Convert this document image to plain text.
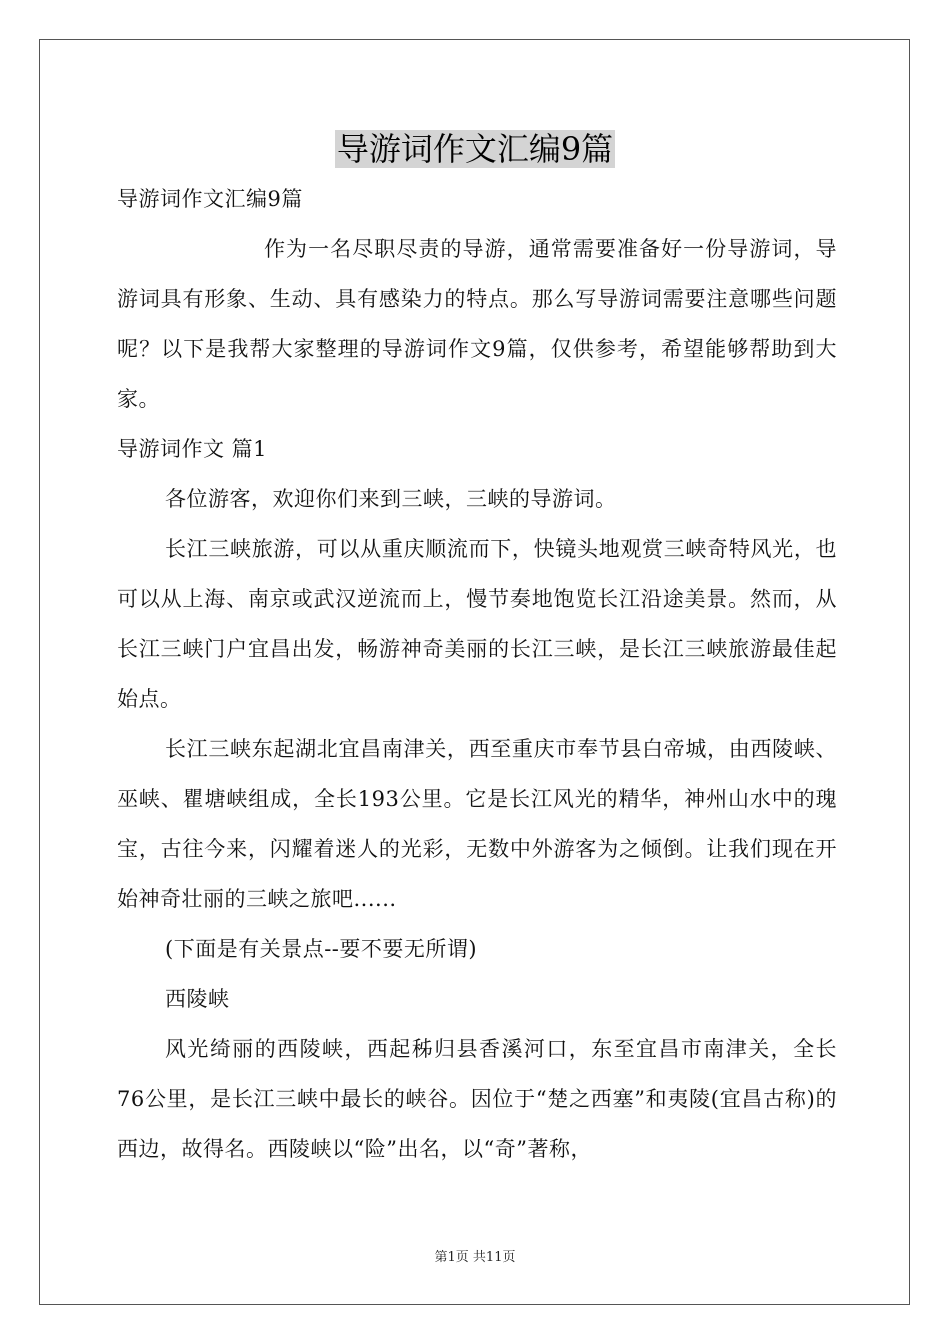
导游词作文汇编9篇

导游词作文汇编9篇

作为一名尽职尽责的导游，通常需要准备好一份导游词，导游词具有形象、生动、具有感染力的特点。那么写导游词需要注意哪些问题呢？以下是我帮大家整理的导游词作文9篇，仅供参考，希望能够帮助到大家。

导游词作文 篇1

各位游客，欢迎你们来到三峡，三峡的导游词。

长江三峡旅游，可以从重庆顺流而下，快镜头地观赏三峡奇特风光，也可以从上海、南京或武汉逆流而上，慢节奏地饱览长江沿途美景。然而，从长江三峡门户宜昌出发，畅游神奇美丽的长江三峡，是长江三峡旅游最佳起始点。

长江三峡东起湖北宜昌南津关，西至重庆市奉节县白帝城，由西陵峡、巫峡、瞿塘峡组成，全长193公里。它是长江风光的精华，神州山水中的瑰宝，古往今来，闪耀着迷人的光彩，无数中外游客为之倾倒。让我们现在开始神奇壮丽的三峡之旅吧......

(下面是有关景点--要不要无所谓)

西陵峡

风光绮丽的西陵峡，西起秭归县香溪河口，东至宜昌市南津关，全长76公里，是长江三峡中最长的峡谷。因位于“楚之西塞”和夷陵(宜昌古称)的西边，故得名。西陵峡以“险”出名，以“奇”著称，

第1页 共11页
